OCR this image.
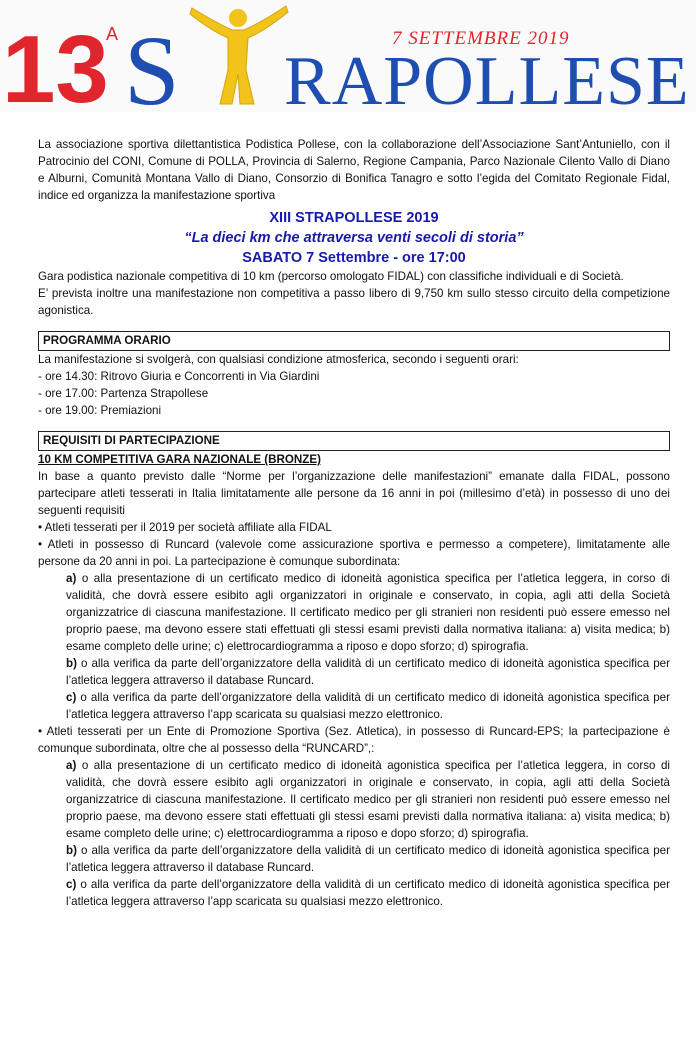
13
A S RAPOLLESE
7 SETTEMBRE 2019

La associazione sportiva dilettantistica Podistica Pollese, con la collaborazione dell’Associazione Sant’Antuniello, con il Patrocinio del CONI, Comune di POLLA, Provincia di Salerno, Regione Campania, Parco Nazionale Cilento Vallo di Diano e Alburni, Comunità Montana Vallo di Diano, Consorzio di Bonifica Tanagro e sotto l’egida del Comitato Regionale Fidal, indice ed organizza la manifestazione sportiva

XIII STRAPOLLESE 2019

“La dieci km che attraversa venti secoli di storia”

SABATO 7 Settembre - ore 17:00

Gara podistica nazionale competitiva di 10 km (percorso omologato FIDAL) con classifiche individuali e di Società.

E’ prevista inoltre una manifestazione non competitiva a passo libero di 9,750 km sullo stesso circuito della competizione agonistica.

PROGRAMMA ORARIO

La manifestazione si svolgerà, con qualsiasi condizione atmosferica, secondo i seguenti orari:

- ore 14.30: Ritrovo Giuria e Concorrenti in Via Giardini

- ore 17.00: Partenza Strapollese

- ore 19.00: Premiazioni

REQUISITI DI PARTECIPAZIONE

10 KM COMPETITIVA GARA NAZIONALE (BRONZE)

In base a quanto previsto dalle “Norme per l’organizzazione delle manifestazioni” emanate dalla FIDAL, possono partecipare atleti tesserati in Italia limitatamente alle persone da 16 anni in poi (millesimo d’età) in possesso di uno dei seguenti requisiti

• Atleti tesserati per il 2019 per società affiliate alla FIDAL

• Atleti in possesso di Runcard (valevole come assicurazione sportiva e permesso a competere), limitatamente alle persone da 20 anni in poi. La partecipazione è comunque subordinata:

a) o alla presentazione di un certificato medico di idoneità agonistica specifica per l’atletica leggera, in corso di validità, che dovrà essere esibito agli organizzatori in originale e conservato, in copia, agli atti della Società organizzatrice di ciascuna manifestazione. Il certificato medico per gli stranieri non residenti può essere emesso nel proprio paese, ma devono essere stati effettuati gli stessi esami previsti dalla normativa italiana: a) visita medica; b) esame completo delle urine; c) elettrocardiogramma a riposo e dopo sforzo; d) spirografia.

b) o alla verifica da parte dell’organizzatore della validità di un certificato medico di idoneità agonistica specifica per l’atletica leggera attraverso il database Runcard.

c) o alla verifica da parte dell’organizzatore della validità di un certificato medico di idoneità agonistica specifica per l’atletica leggera attraverso l’app scaricata su qualsiasi mezzo elettronico.

• Atleti tesserati per un Ente di Promozione Sportiva (Sez. Atletica), in possesso di Runcard-EPS; la partecipazione è comunque subordinata, oltre che al possesso della “RUNCARD”,:

a) o alla presentazione di un certificato medico di idoneità agonistica specifica per l’atletica leggera, in corso di validità, che dovrà essere esibito agli organizzatori in originale e conservato, in copia, agli atti della Società organizzatrice di ciascuna manifestazione. Il certificato medico per gli stranieri non residenti può essere emesso nel proprio paese, ma devono essere stati effettuati gli stessi esami previsti dalla normativa italiana: a) visita medica; b) esame completo delle urine; c) elettrocardiogramma a riposo e dopo sforzo; d) spirografia.

b) o alla verifica da parte dell’organizzatore della validità di un certificato medico di idoneità agonistica specifica per l’atletica leggera attraverso il database Runcard.

c) o alla verifica da parte dell’organizzatore della validità di un certificato medico di idoneità agonistica specifica per l’atletica leggera attraverso l’app scaricata su qualsiasi mezzo elettronico.
